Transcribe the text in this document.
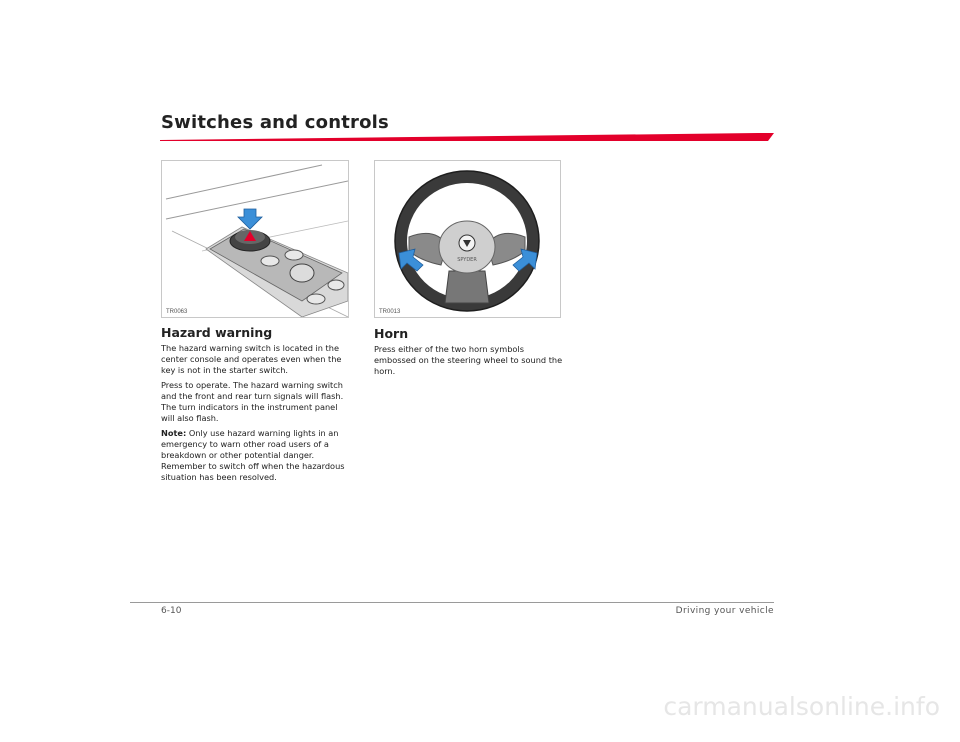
Switches and controls
TR0063
SPYDER
TR0013
Hazard warning

The hazard warning switch is located in the center console and operates even when the key is not in the starter switch.

Press to operate. The hazard warning switch and the front and rear turn signals will flash. The turn indicators in the instrument panel will also flash.

Note: Only use hazard warning lights in an emergency to warn other road users of a breakdown or other potential danger. Remember to switch off when the hazardous situation has been resolved.

Horn

Press either of the two horn symbols embossed on the steering wheel to sound the horn.

6-10	Driving your vehicle
carmanualsonline.info
